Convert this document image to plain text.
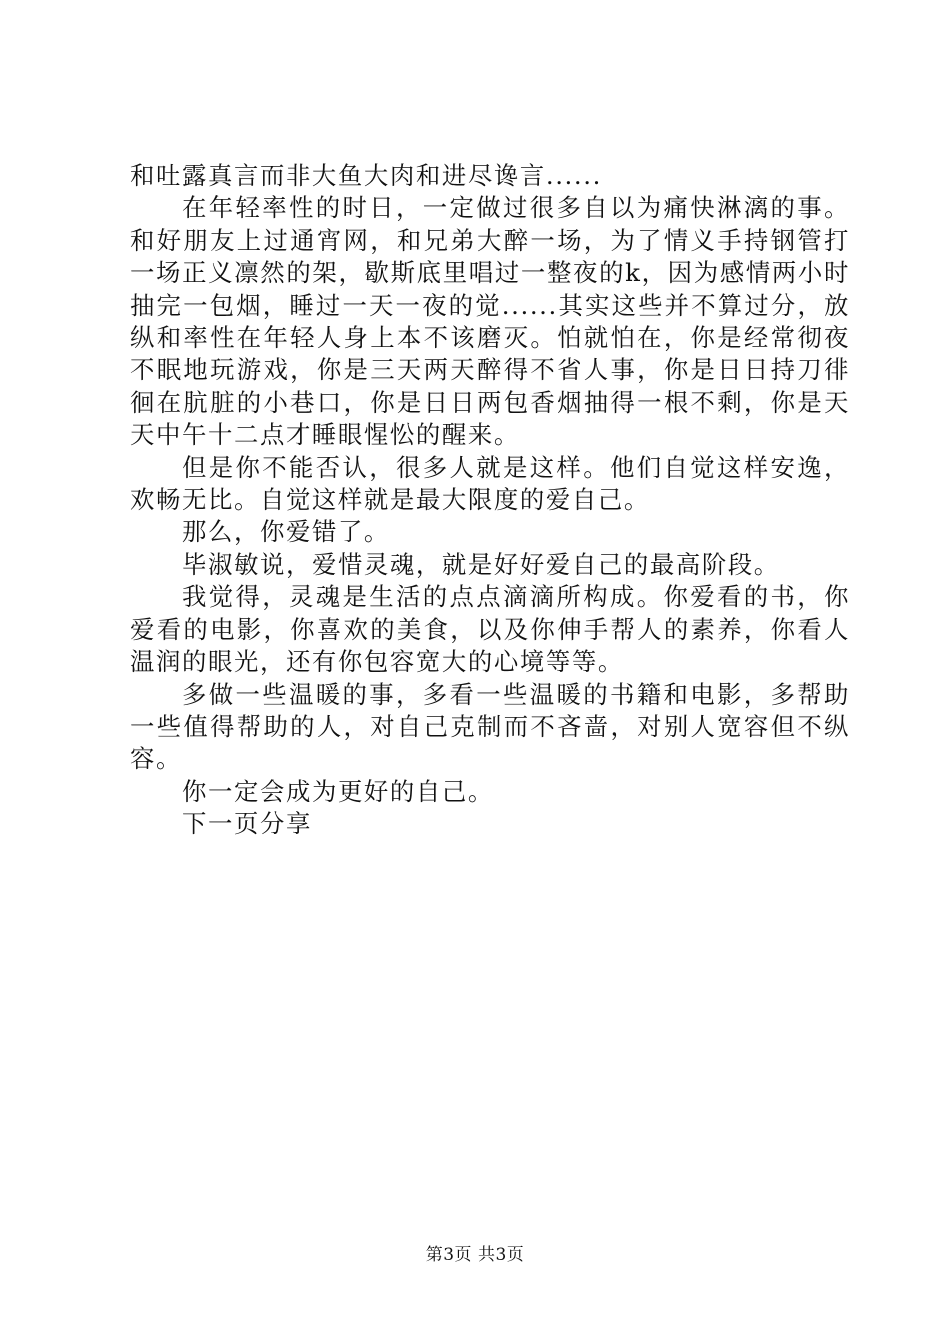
和吐露真言而非大鱼大肉和进尽谗言......

在年轻率性的时日，一定做过很多自以为痛快淋漓的事。和好朋友上过通宵网，和兄弟大醉一场，为了情义手持钢管打一场正义凛然的架，歇斯底里唱过一整夜的k，因为感情两小时抽完一包烟，睡过一天一夜的觉......其实这些并不算过分，放纵和率性在年轻人身上本不该磨灭。怕就怕在，你是经常彻夜不眠地玩游戏，你是三天两天醉得不省人事，你是日日持刀徘徊在肮脏的小巷口，你是日日两包香烟抽得一根不剩，你是天天中午十二点才睡眼惺忪的醒来。

但是你不能否认，很多人就是这样。他们自觉这样安逸，欢畅无比。自觉这样就是最大限度的爱自己。

那么，你爱错了。

毕淑敏说，爱惜灵魂，就是好好爱自己的最高阶段。

我觉得，灵魂是生活的点点滴滴所构成。你爱看的书，你爱看的电影，你喜欢的美食，以及你伸手帮人的素养，你看人温润的眼光，还有你包容宽大的心境等等。

多做一些温暖的事，多看一些温暖的书籍和电影，多帮助一些值得帮助的人，对自己克制而不吝啬，对别人宽容但不纵容。

你一定会成为更好的自己。

下一页分享

第3页 共3页
